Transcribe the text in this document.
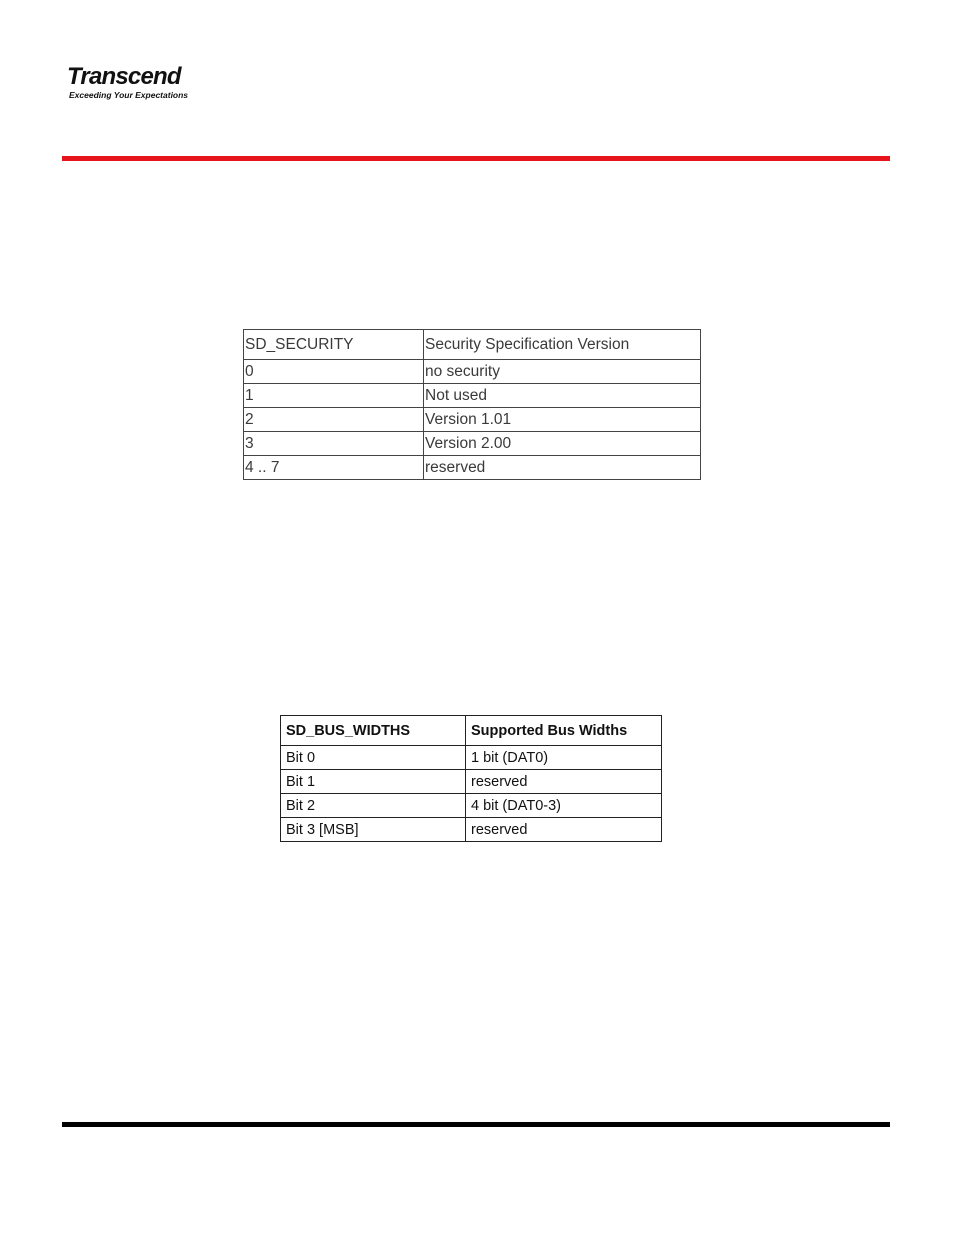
Transcend
Exceeding Your Expectations
SD_SECURITY	Security Specification Version
0	no security
1	Not used
2	Version 1.01
3	Version 2.00
4 .. 7	reserved
SD_BUS_WIDTHS	Supported Bus Widths
Bit 0	1 bit (DAT0)
Bit 1	reserved
Bit 2	4 bit (DAT0-3)
Bit 3 [MSB]	reserved
